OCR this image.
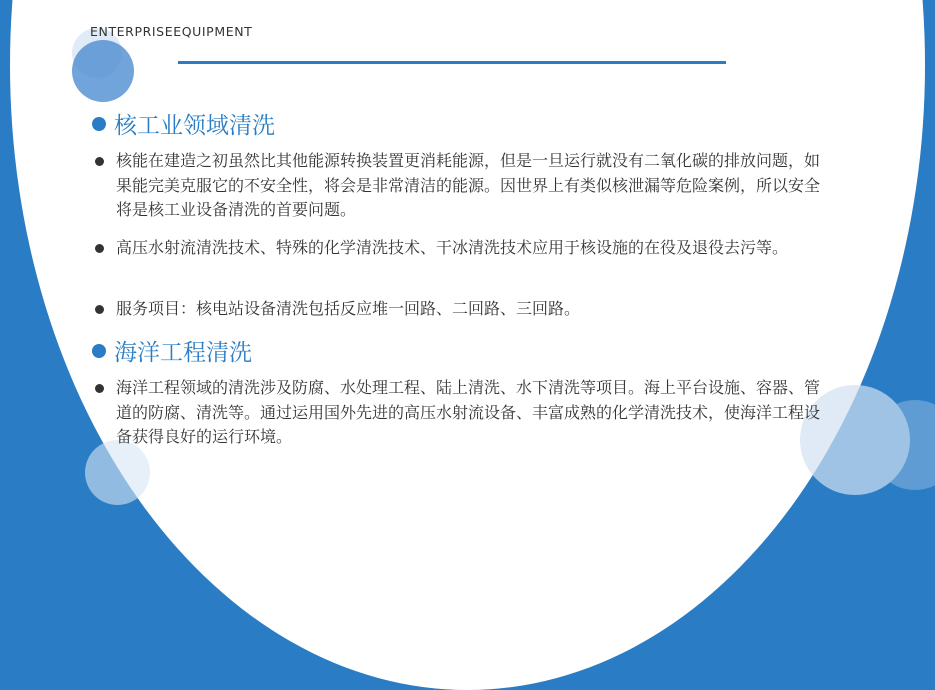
ENTERPRISEEQUIPMENT
核工业领域清洗
核能在建造之初虽然比其他能源转换装置更消耗能源，但是一旦运行就没有二氧化碳的排放问题，如果能完美克服它的不安全性，将会是非常清洁的能源。因世界上有类似核泄漏等危险案例，所以安全将是核工业设备清洗的首要问题。
高压水射流清洗技术、特殊的化学清洗技术、干冰清洗技术应用于核设施的在役及退役去污等。
服务项目：核电站设备清洗包括反应堆一回路、二回路、三回路。
海洋工程清洗
海洋工程领域的清洗涉及防腐、水处理工程、陆上清洗、水下清洗等项目。海上平台设施、容器、管道的防腐、清洗等。通过运用国外先进的高压水射流设备、丰富成熟的化学清洗技术，使海洋工程设备获得良好的运行环境。
